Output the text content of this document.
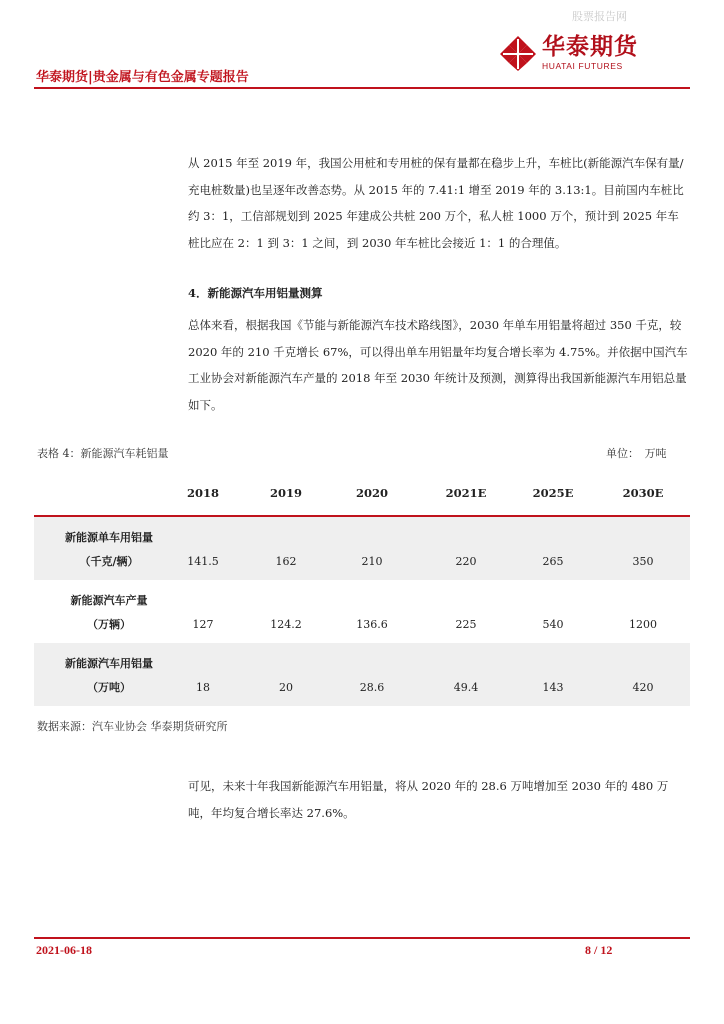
股票报告网
华泰期货|贵金属与有色金属专题报告
华泰期货
HUATAI FUTURES
从 2015 年至 2019 年，我国公用桩和专用桩的保有量都在稳步上升，车桩比(新能源汽车保有量/充电桩数量)也呈逐年改善态势。从 2015 年的 7.41:1 增至 2019 年的 3.13:1。目前国内车桩比约 3：1，工信部规划到 2025 年建成公共桩 200 万个，私人桩 1000 万个，预计到 2025 年车桩比应在 2：1 到 3：1 之间，到 2030 年车桩比会接近 1：1 的合理值。
4．新能源汽车用铝量测算
总体来看，根据我国《节能与新能源汽车技术路线图》，2030 年单车用铝量将超过 350 千克，较 2020 年的 210 千克增长 67%，可以得出单车用铝量年均复合增长率为 4.75%。并依据中国汽车工业协会对新能源汽车产量的 2018 年至 2030 年统计及预测，测算得出我国新能源汽车用铝总量如下。
表格 4：新能源汽车耗铝量	单位：　万吨
2018	2019	2020	2021E	2025E	2030E
新能源单车用铝量
（千克/辆）	141.5	162	210	220	265	350
新能源汽车产量
（万辆）	127	124.2	136.6	225	540	1200
新能源汽车用铝量
（万吨）	18	20	28.6	49.4	143	420
数据来源：汽车业协会 华泰期货研究所
可见，未来十年我国新能源汽车用铝量，将从 2020 年的 28.6 万吨增加至 2030 年的 480 万吨，年均复合增长率达 27.6%。
2021-06-18	8 / 12
